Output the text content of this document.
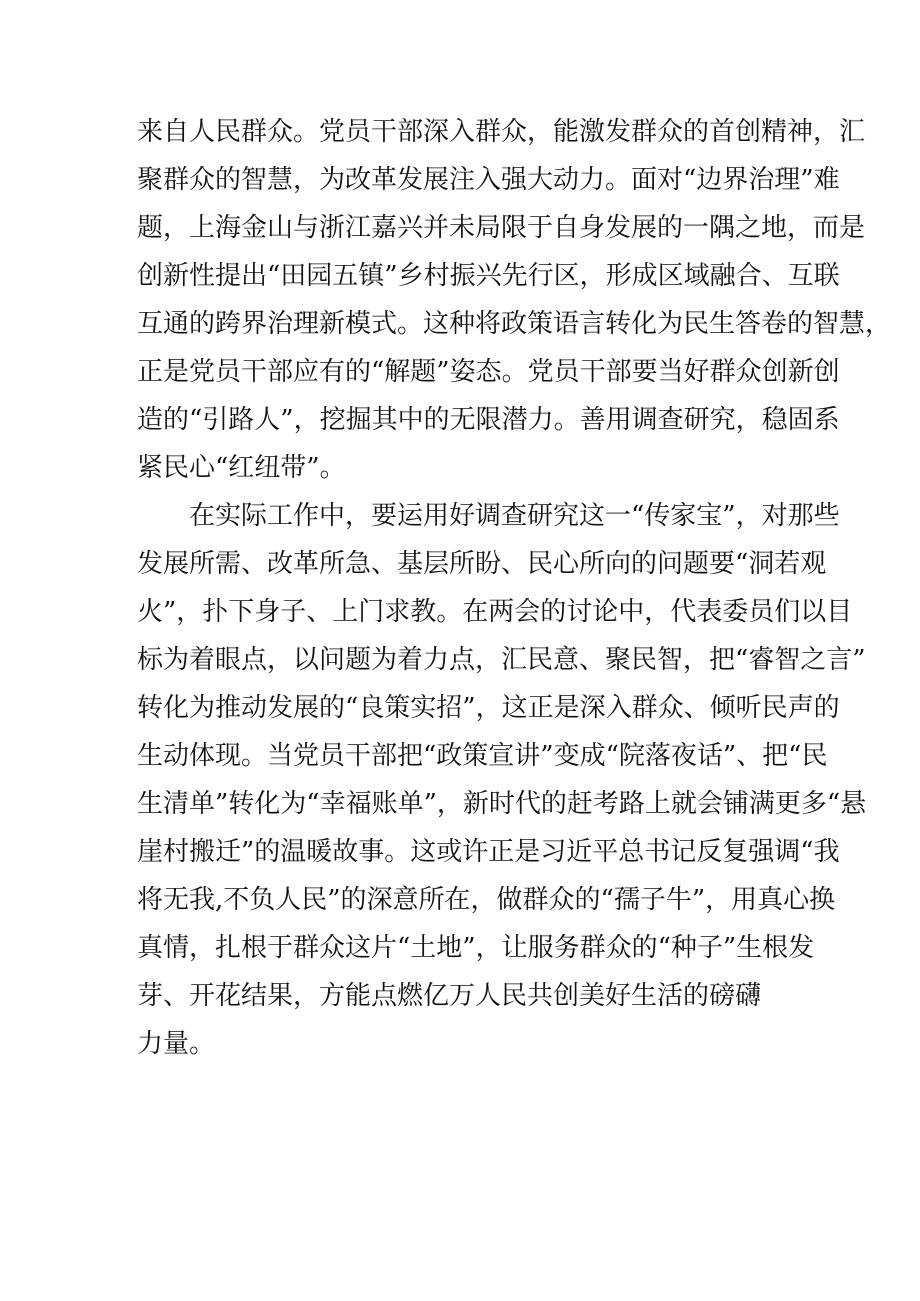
来自人民群众。党员干部深入群众，能激发群众的首创精神，汇
聚群众的智慧，为改革发展注入强大动力。面对“边界治理”难
题，上海金山与浙江嘉兴并未局限于自身发展的一隅之地，而是
创新性提出“田园五镇”乡村振兴先行区，形成区域融合、互联
互通的跨界治理新模式。这种将政策语言转化为民生答卷的智慧，
正是党员干部应有的“解题”姿态。党员干部要当好群众创新创
造的“引路人”，挖掘其中的无限潜力。善用调查研究，稳固系
紧民心“红纽带”。
在实际工作中，要运用好调查研究这一“传家宝”，对那些
发展所需、改革所急、基层所盼、民心所向的问题要“洞若观
火”，扑下身子、上门求教。在两会的讨论中，代表委员们以目
标为着眼点，以问题为着力点，汇民意、聚民智，把“睿智之言”
转化为推动发展的“良策实招”，这正是深入群众、倾听民声的
生动体现。当党员干部把“政策宣讲”变成“院落夜话”、把“民
生清单”转化为“幸福账单”，新时代的赶考路上就会铺满更多“悬
崖村搬迁”的温暖故事。这或许正是习近平总书记反复强调“我
将无我,不负人民”的深意所在，做群众的“孺子牛”，用真心换
真情，扎根于群众这片“土地”，让服务群众的“种子”生根发
芽、开花结果，方能点燃亿万人民共创美好生活的磅礴
力量。
